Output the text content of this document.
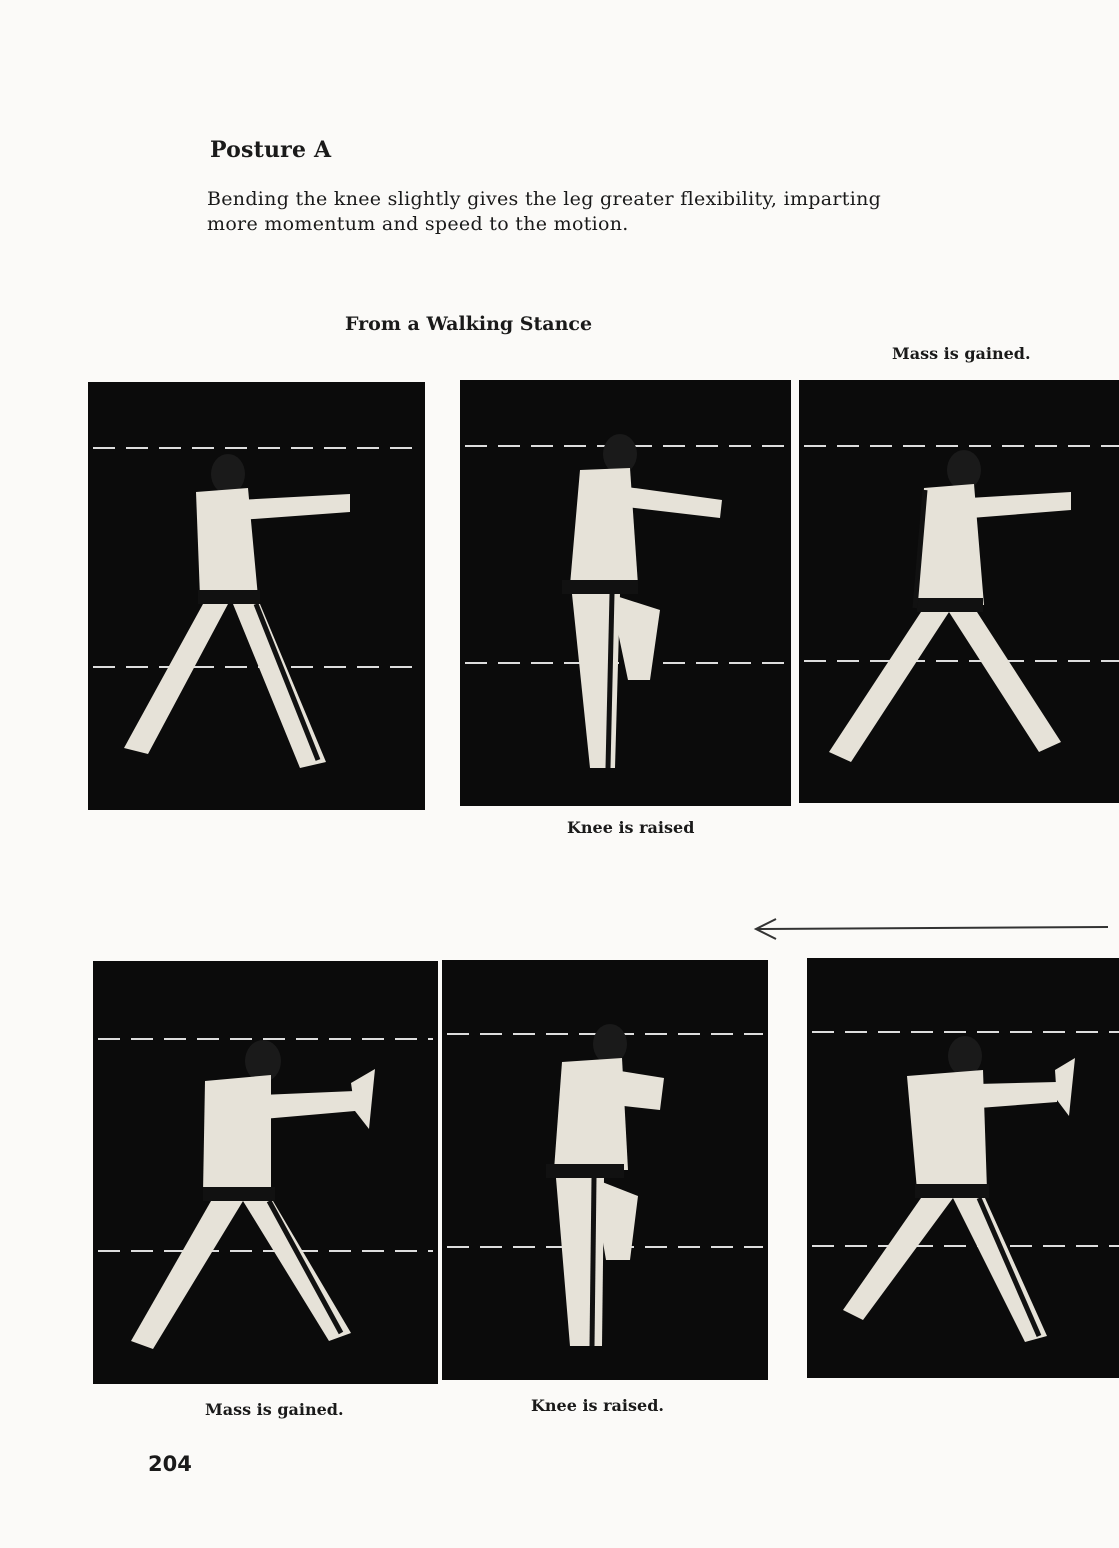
Posture A
Bending the knee slightly gives the leg greater flexibility, imparting
more momentum and speed to the motion.
From a Walking Stance
Mass is gained.
Knee is raised
Mass is gained.	Knee is raised.
204
